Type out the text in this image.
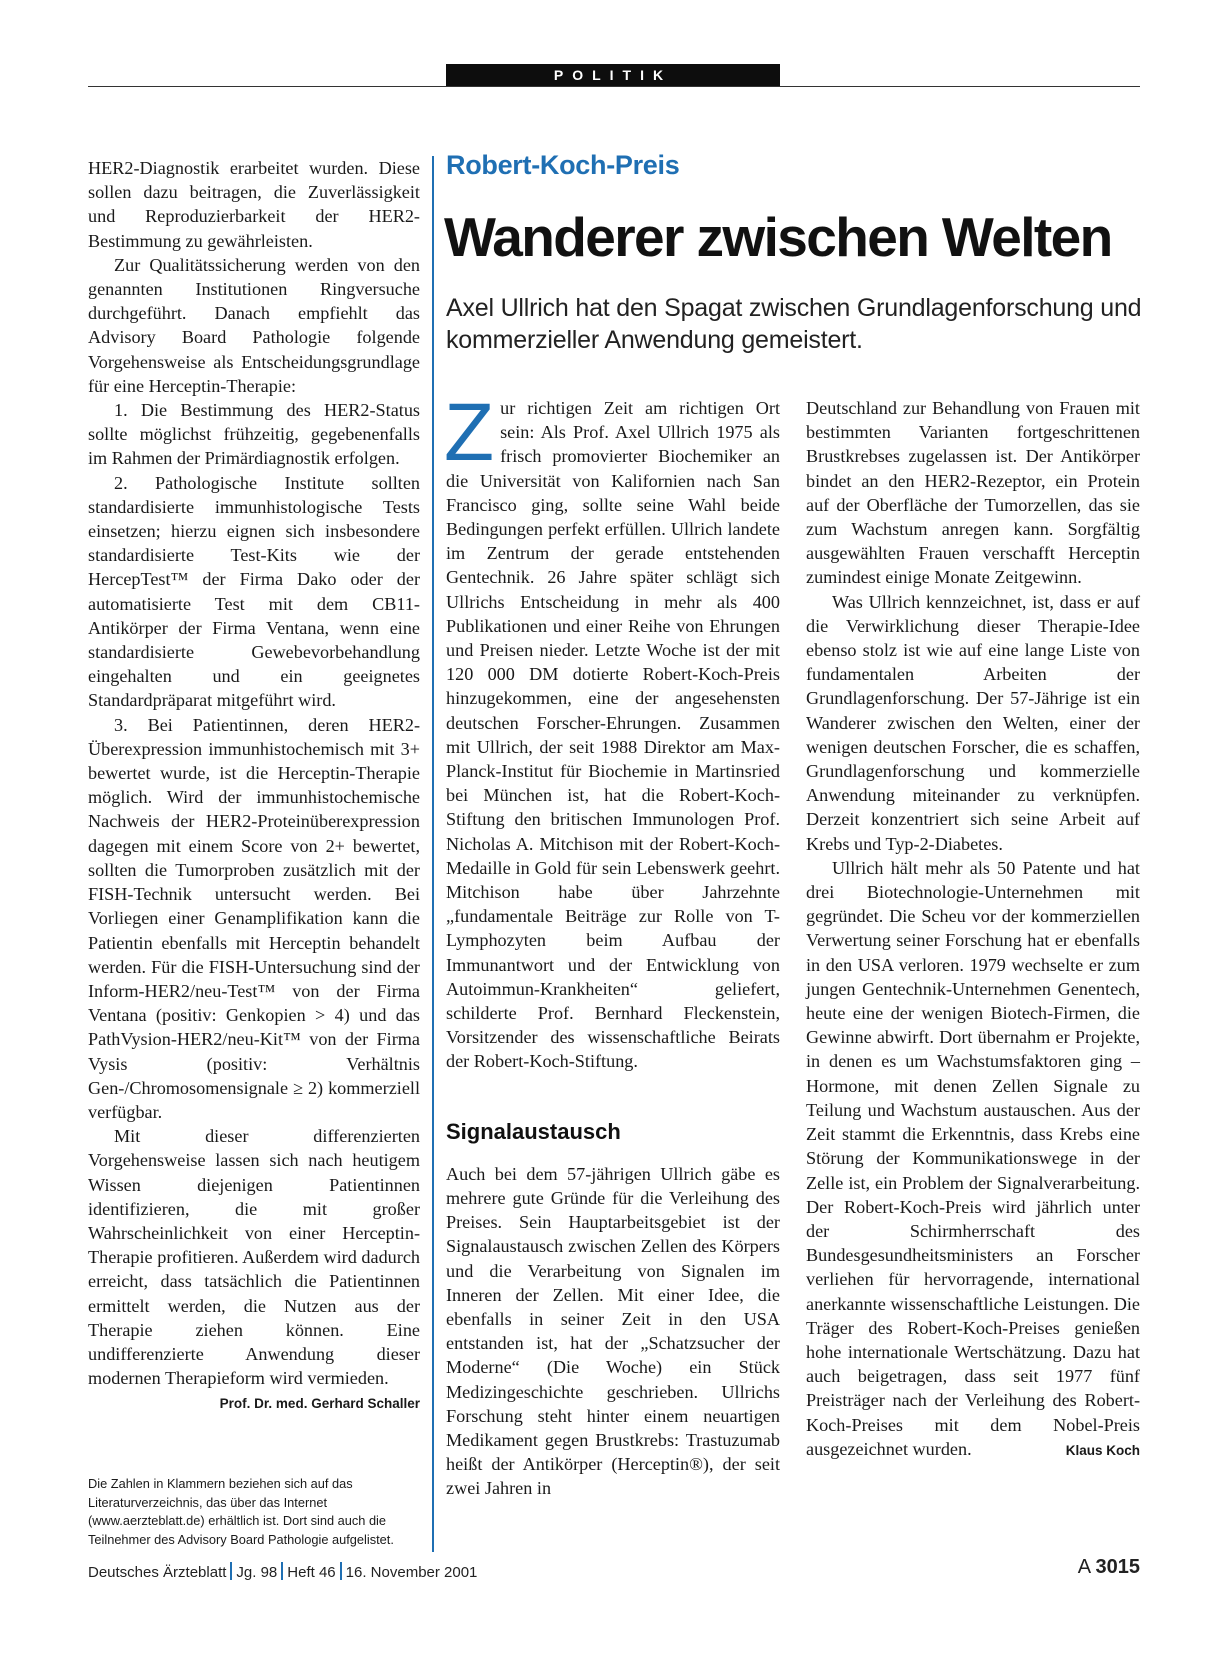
POLITIK

HER2-Diagnostik erarbeitet wurden. Diese sollen dazu beitragen, die Zuverlässigkeit und Reproduzierbarkeit der HER2-Bestimmung zu gewährleisten.

Zur Qualitätssicherung werden von den genannten Institutionen Ringversuche durchgeführt. Danach empfiehlt das Advisory Board Pathologie folgende Vorgehensweise als Entscheidungsgrundlage für eine Herceptin-Therapie:

1. Die Bestimmung des HER2-Status sollte möglichst frühzeitig, gegebenenfalls im Rahmen der Primärdiagnostik erfolgen.

2. Pathologische Institute sollten standardisierte immunhistologische Tests einsetzen; hierzu eignen sich insbesondere standardisierte Test-Kits wie der HercepTest™ der Firma Dako oder der automatisierte Test mit dem CB11-Antikörper der Firma Ventana, wenn eine standardisierte Gewebevorbehandlung eingehalten und ein geeignetes Standardpräparat mitgeführt wird.

3. Bei Patientinnen, deren HER2-Überexpression immunhistochemisch mit 3+ bewertet wurde, ist die Herceptin-Therapie möglich. Wird der immunhistochemische Nachweis der HER2-Proteinüberexpression dagegen mit einem Score von 2+ bewertet, sollten die Tumorproben zusätzlich mit der FISH-Technik untersucht werden. Bei Vorliegen einer Genamplifikation kann die Patientin ebenfalls mit Herceptin behandelt werden. Für die FISH-Untersuchung sind der Inform-HER2/neu-Test™ von der Firma Ventana (positiv: Genkopien > 4) und das PathVysion-HER2/neu-Kit™ von der Firma Vysis (positiv: Verhältnis Gen-/Chromosomensignale ≥ 2) kommerziell verfügbar.

Mit dieser differenzierten Vorgehensweise lassen sich nach heutigem Wissen diejenigen Patientinnen identifizieren, die mit großer Wahrscheinlichkeit von einer Herceptin-Therapie profitieren. Außerdem wird dadurch erreicht, dass tatsächlich die Patientinnen ermittelt werden, die Nutzen aus der Therapie ziehen können. Eine undifferenzierte Anwendung dieser modernen Therapieform wird vermieden.
Prof. Dr. med. Gerhard Schaller

Die Zahlen in Klammern beziehen sich auf das Literaturverzeichnis, das über das Internet (www.aerzteblatt.de) erhältlich ist. Dort sind auch die Teilnehmer des Advisory Board Pathologie aufgelistet.
Robert-Koch-Preis
Wanderer zwischen Welten
Axel Ullrich hat den Spagat zwischen Grundlagenforschung und kommerzieller Anwendung gemeistert.

Zur richtigen Zeit am richtigen Ort sein: Als Prof. Axel Ullrich 1975 als frisch promovierter Biochemiker an die Universität von Kalifornien nach San Francisco ging, sollte seine Wahl beide Bedingungen perfekt erfüllen. Ullrich landete im Zentrum der gerade entstehenden Gentechnik. 26 Jahre später schlägt sich Ullrichs Entscheidung in mehr als 400 Publikationen und einer Reihe von Ehrungen und Preisen nieder. Letzte Woche ist der mit 120 000 DM dotierte Robert-Koch-Preis hinzugekommen, eine der angesehensten deutschen Forscher-Ehrungen. Zusammen mit Ullrich, der seit 1988 Direktor am Max-Planck-Institut für Biochemie in Martinsried bei München ist, hat die Robert-Koch-Stiftung den britischen Immunologen Prof. Nicholas A. Mitchison mit der Robert-Koch-Medaille in Gold für sein Lebenswerk geehrt. Mitchison habe über Jahrzehnte „fundamentale Beiträge zur Rolle von T-Lymphozyten beim Aufbau der Immunantwort und der Entwicklung von Autoimmun-Krankheiten“ geliefert, schilderte Prof. Bernhard Fleckenstein, Vorsitzender des wissenschaftliche Beirats der Robert-Koch-Stiftung.

Signalaustausch

Auch bei dem 57-jährigen Ullrich gäbe es mehrere gute Gründe für die Verleihung des Preises. Sein Hauptarbeitsgebiet ist der Signalaustausch zwischen Zellen des Körpers und die Verarbeitung von Signalen im Inneren der Zellen. Mit einer Idee, die ebenfalls in seiner Zeit in den USA entstanden ist, hat der „Schatzsucher der Moderne“ (Die Woche) ein Stück Medizingeschichte geschrieben. Ullrichs Forschung steht hinter einem neuartigen Medikament gegen Brustkrebs: Trastuzumab heißt der Antikörper (Herceptin®), der seit zwei Jahren in

Deutschland zur Behandlung von Frauen mit bestimmten Varianten fortgeschrittenen Brustkrebses zugelassen ist. Der Antikörper bindet an den HER2-Rezeptor, ein Protein auf der Oberfläche der Tumorzellen, das sie zum Wachstum anregen kann. Sorgfältig ausgewählten Frauen verschafft Herceptin zumindest einige Monate Zeitgewinn.

Was Ullrich kennzeichnet, ist, dass er auf die Verwirklichung dieser Therapie-Idee ebenso stolz ist wie auf eine lange Liste von fundamentalen Arbeiten der Grundlagenforschung. Der 57-Jährige ist ein Wanderer zwischen den Welten, einer der wenigen deutschen Forscher, die es schaffen, Grundlagenforschung und kommerzielle Anwendung miteinander zu verknüpfen. Derzeit konzentriert sich seine Arbeit auf Krebs und Typ-2-Diabetes.

Ullrich hält mehr als 50 Patente und hat drei Biotechnologie-Unternehmen mit gegründet. Die Scheu vor der kommerziellen Verwertung seiner Forschung hat er ebenfalls in den USA verloren. 1979 wechselte er zum jungen Gentechnik-Unternehmen Genentech, heute eine der wenigen Biotech-Firmen, die Gewinne abwirft. Dort übernahm er Projekte, in denen es um Wachstumsfaktoren ging – Hormone, mit denen Zellen Signale zu Teilung und Wachstum austauschen. Aus der Zeit stammt die Erkenntnis, dass Krebs eine Störung der Kommunikationswege in der Zelle ist, ein Problem der Signalverarbeitung. Der Robert-Koch-Preis wird jährlich unter der Schirmherrschaft des Bundesgesundheitsministers an Forscher verliehen für hervorragende, international anerkannte wissenschaftliche Leistungen. Die Träger des Robert-Koch-Preises genießen hohe internationale Wertschätzung. Dazu hat auch beigetragen, dass seit 1977 fünf Preisträger nach der Verleihung des Robert-Koch-Preises mit dem Nobel-Preis ausgezeichnet wurden.	Klaus Koch

Deutsches Ärzteblatt Jg. 98 Heft 46 16. November 2001	A 3015
